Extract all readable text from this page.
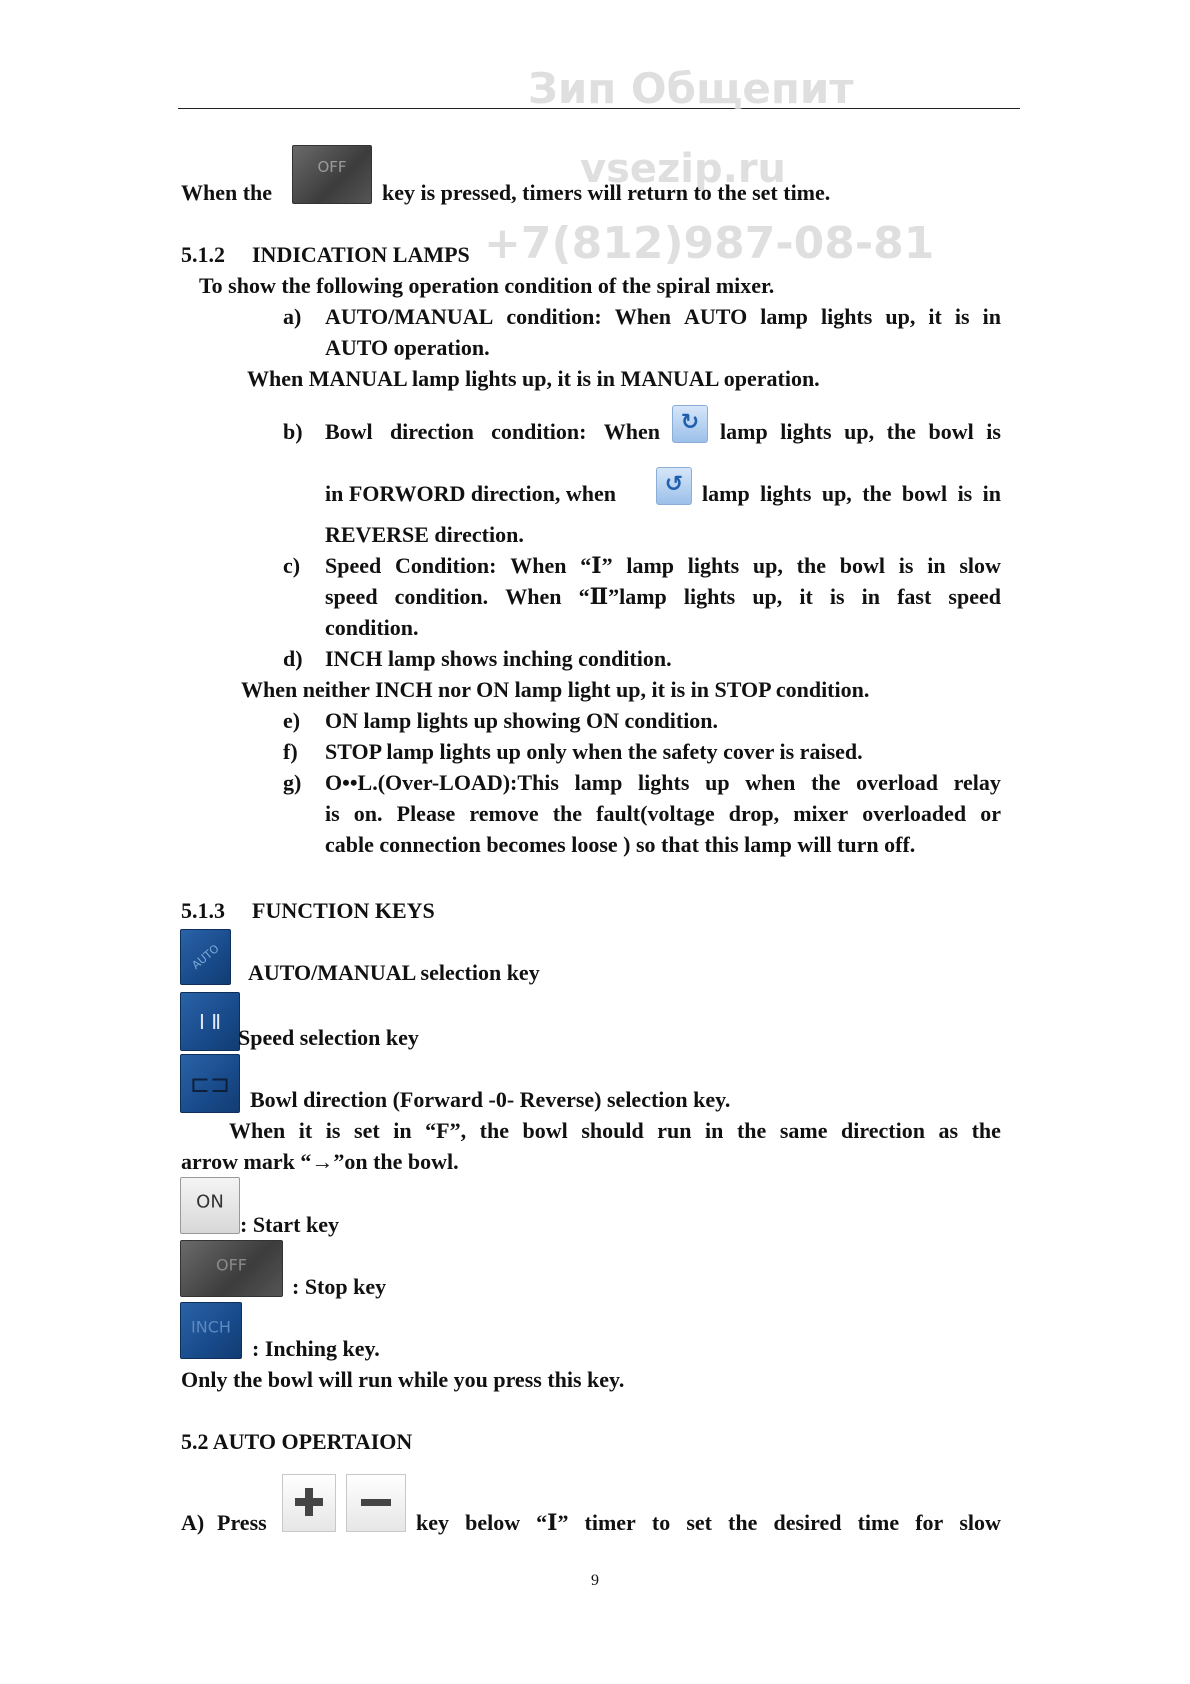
Зип Общепит
vsezip.ru
+7(812)987-08-81
When the
OFF
key is pressed, timers will return to the set time.
5.1.2 INDICATION LAMPS
To show the following operation condition of the spiral mixer.
a) AUTO/MANUAL condition: When AUTO lamp lights up, it is in
AUTO operation.
When MANUAL lamp lights up, it is in MANUAL operation.
b) Bowl direction condition: When ↻ lamp lights up, the bowl is
in FORWORD direction, when	↺ lamp lights up, the bowl is in
REVERSE direction.
c) Speed Condition: When “Ⅰ” lamp lights up, the bowl is in slow
speed condition. When “Ⅱ”lamp lights up, it is in fast speed
condition.
d) INCH lamp shows inching condition.
When neither INCH nor ON lamp light up, it is in STOP condition.
e) ON lamp lights up showing ON condition.
f) STOP lamp lights up only when the safety cover is raised.
g) O••L.(Over-LOAD):This lamp lights up when the overload relay
is on. Please remove the fault(voltage drop, mixer overloaded or
cable connection becomes loose ) so that this lamp will turn off.
5.1.3 FUNCTION KEYS
AUTO
AUTO/MANUAL selection key
Ⅰ Ⅱ
Speed selection key
⊏⊐
Bowl direction (Forward -0- Reverse) selection key.
When it is set in “F”, the bowl should run in the same direction as the
arrow mark “→”on the bowl.
ON
: Start key
OFF
: Stop key
INCH
: Inching key.
Only the bowl will run while you press this key.
5.2 AUTO OPERTAION
A) Press	key below “Ⅰ” timer to set the desired time for slow
9
